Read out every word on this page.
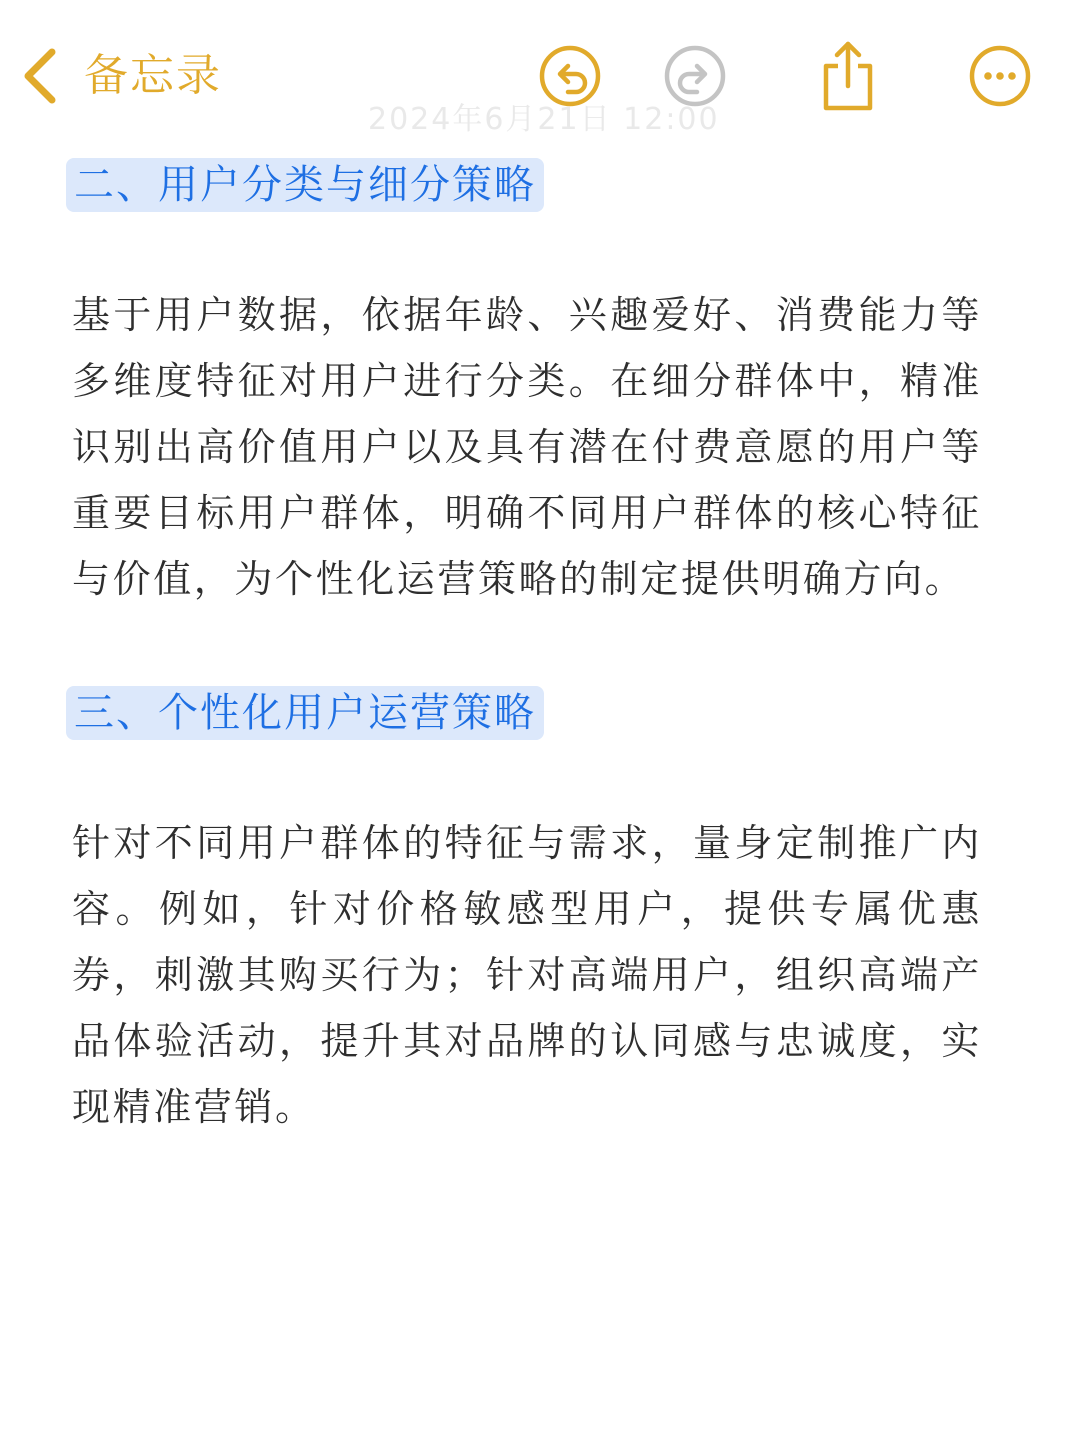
2024年6月21日 12:00
备忘录
二、用户分类与细分策略

基于用户数据，依据年龄、兴趣爱好、消费能力等多维度特征对用户进行分类。在细分群体中，精准识别出高价值用户以及具有潜在付费意愿的用户等重要目标用户群体，明确不同用户群体的核心特征与价值，为个性化运营策略的制定提供明确方向。

三、个性化用户运营策略

针对不同用户群体的特征与需求，量身定制推广内容。例如，针对价格敏感型用户，提供专属优惠券，刺激其购买行为；针对高端用户，组织高端产品体验活动，提升其对品牌的认同感与忠诚度，实现精准营销。
